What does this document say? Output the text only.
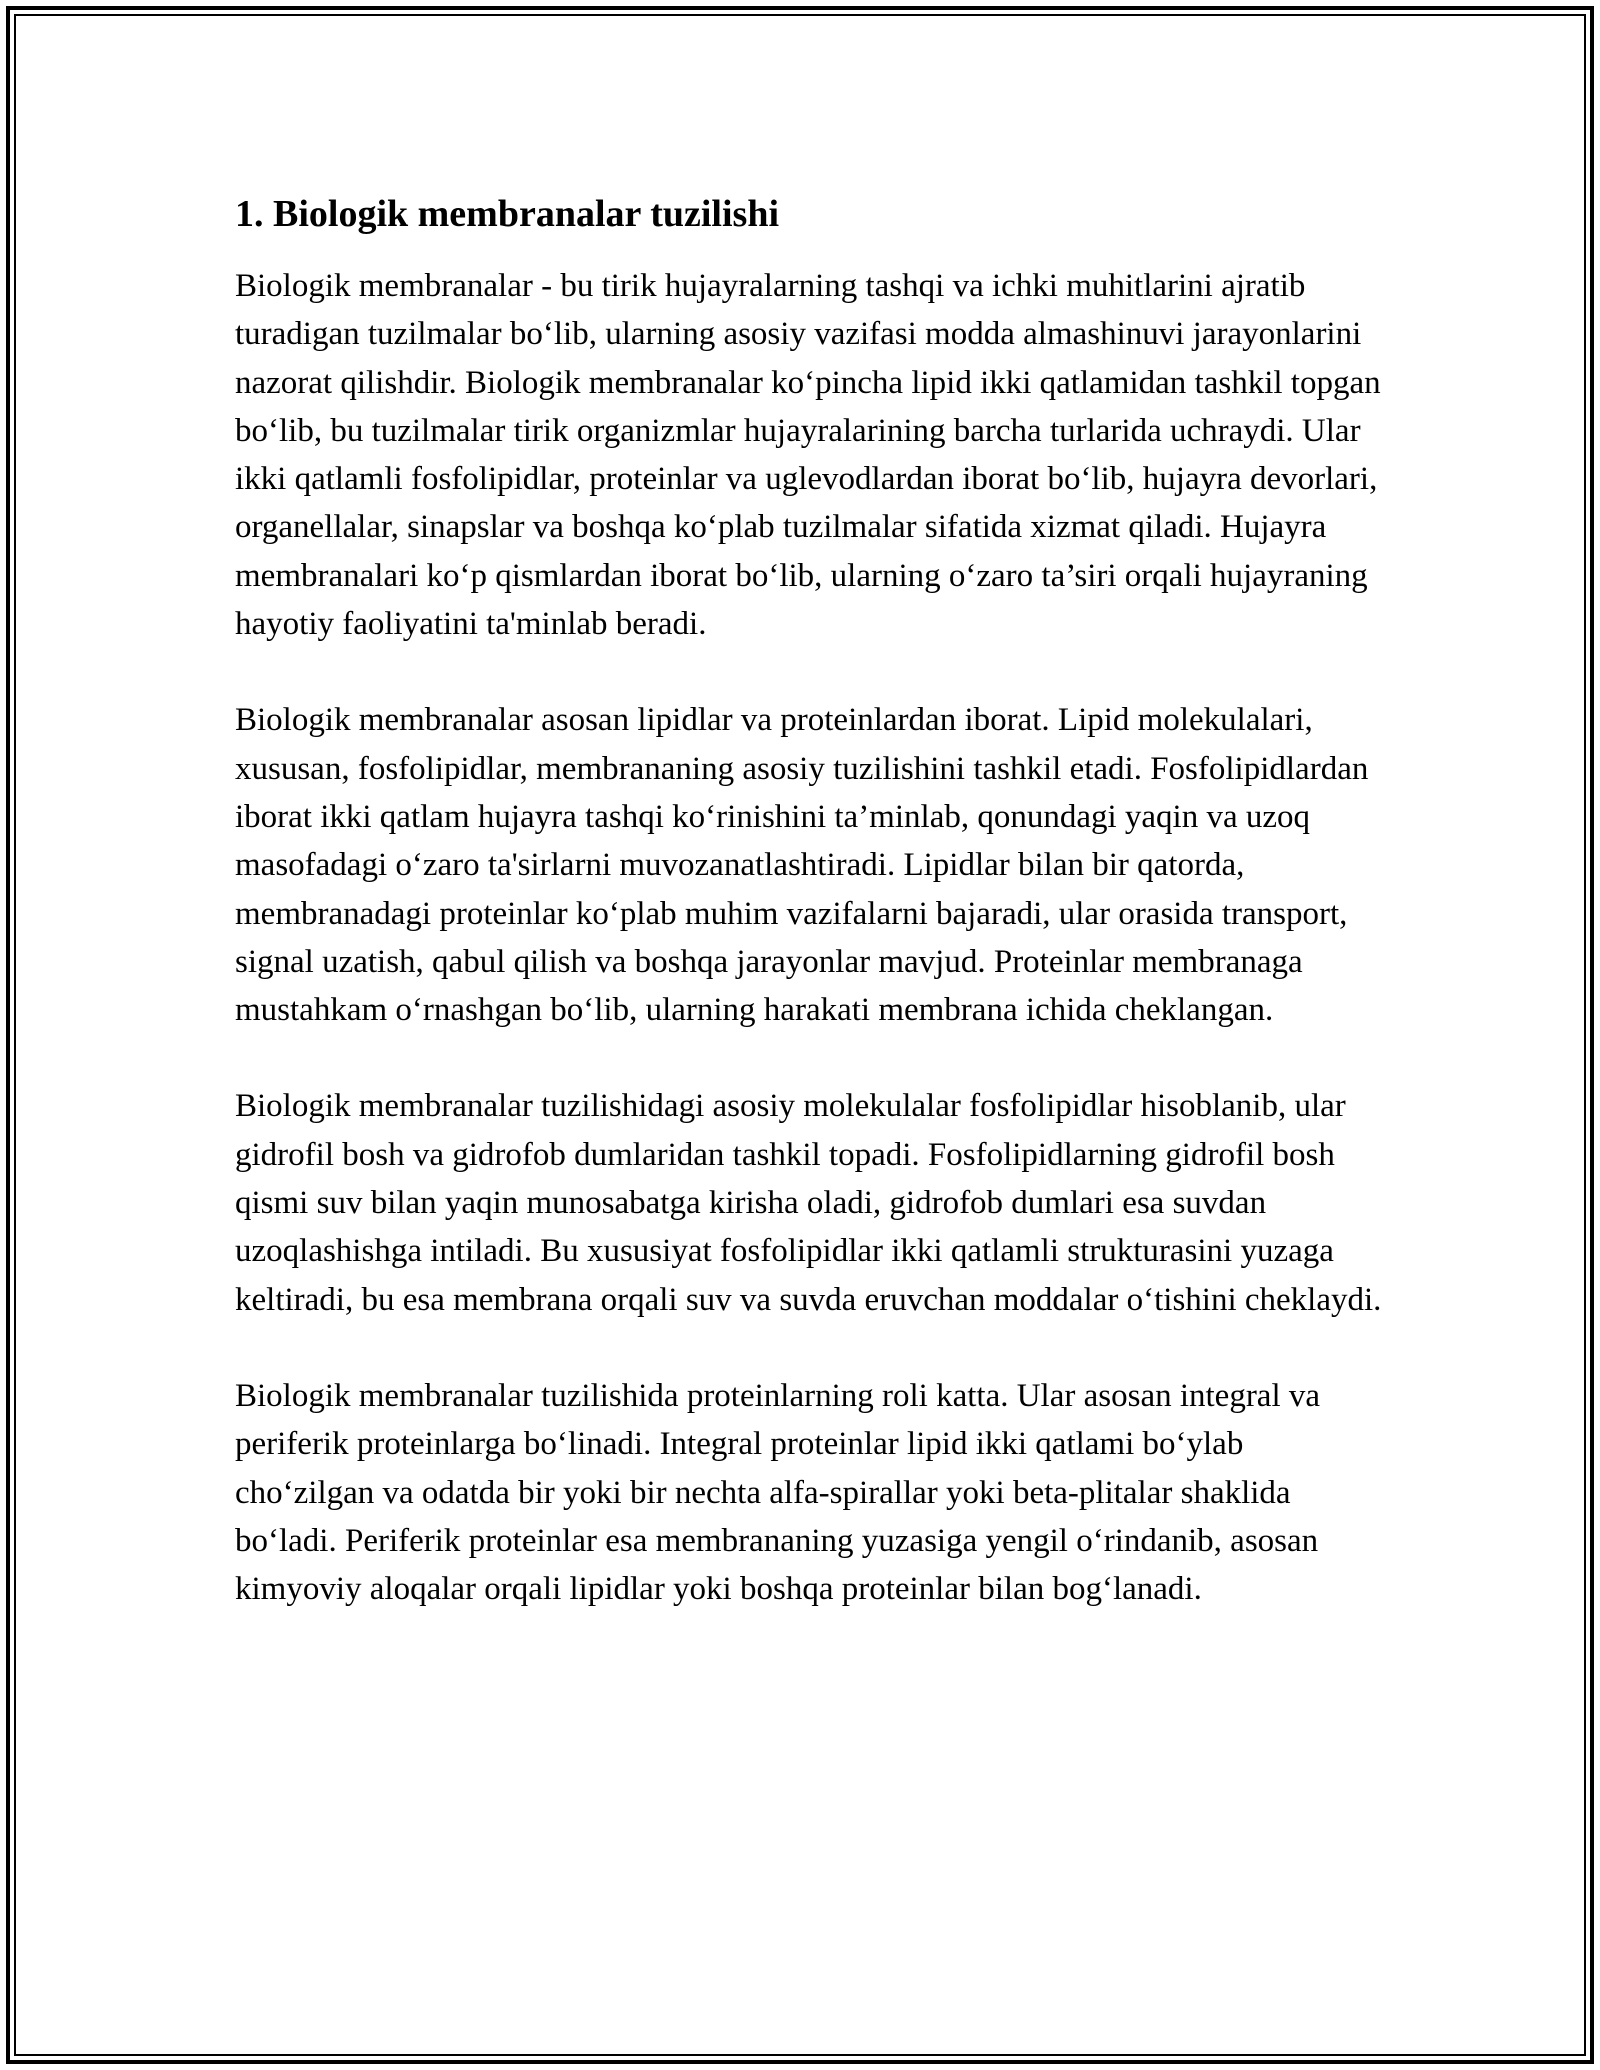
1. Biologik membranalar tuzilishi

Biologik membranalar - bu tirik hujayralarning tashqi va ichki muhitlarini ajratib turadigan tuzilmalar bo‘lib, ularning asosiy vazifasi modda almashinuvi jarayonlarini nazorat qilishdir. Biologik membranalar ko‘pincha lipid ikki qatlamidan tashkil topgan bo‘lib, bu tuzilmalar tirik organizmlar hujayralarining barcha turlarida uchraydi. Ular ikki qatlamli fosfolipidlar, proteinlar va uglevodlardan iborat bo‘lib, hujayra devorlari, organellalar, sinapslar va boshqa ko‘plab tuzilmalar sifatida xizmat qiladi. Hujayra membranalari ko‘p qismlardan iborat bo‘lib, ularning o‘zaro ta’siri orqali hujayraning hayotiy faoliyatini ta'minlab beradi.

Biologik membranalar asosan lipidlar va proteinlardan iborat. Lipid molekulalari, xususan, fosfolipidlar, membrananing asosiy tuzilishini tashkil etadi. Fosfolipidlardan iborat ikki qatlam hujayra tashqi ko‘rinishini ta’minlab, qonundagi yaqin va uzoq masofadagi o‘zaro ta'sirlarni muvozanatlashtiradi. Lipidlar bilan bir qatorda, membranadagi proteinlar ko‘plab muhim vazifalarni bajaradi, ular orasida transport, signal uzatish, qabul qilish va boshqa jarayonlar mavjud. Proteinlar membranaga mustahkam o‘rnashgan bo‘lib, ularning harakati membrana ichida cheklangan.

Biologik membranalar tuzilishidagi asosiy molekulalar fosfolipidlar hisoblanib, ular gidrofil bosh va gidrofob dumlaridan tashkil topadi. Fosfolipidlarning gidrofil bosh qismi suv bilan yaqin munosabatga kirisha oladi, gidrofob dumlari esa suvdan uzoqlashishga intiladi. Bu xususiyat fosfolipidlar ikki qatlamli strukturasini yuzaga keltiradi, bu esa membrana orqali suv va suvda eruvchan moddalar o‘tishini cheklaydi.

Biologik membranalar tuzilishida proteinlarning roli katta. Ular asosan integral va periferik proteinlarga bo‘linadi. Integral proteinlar lipid ikki qatlami bo‘ylab cho‘zilgan va odatda bir yoki bir nechta alfa-spirallar yoki beta-plitalar shaklida bo‘ladi. Periferik proteinlar esa membrananing yuzasiga yengil o‘rindanib, asosan kimyoviy aloqalar orqali lipidlar yoki boshqa proteinlar bilan bog‘lanadi.
